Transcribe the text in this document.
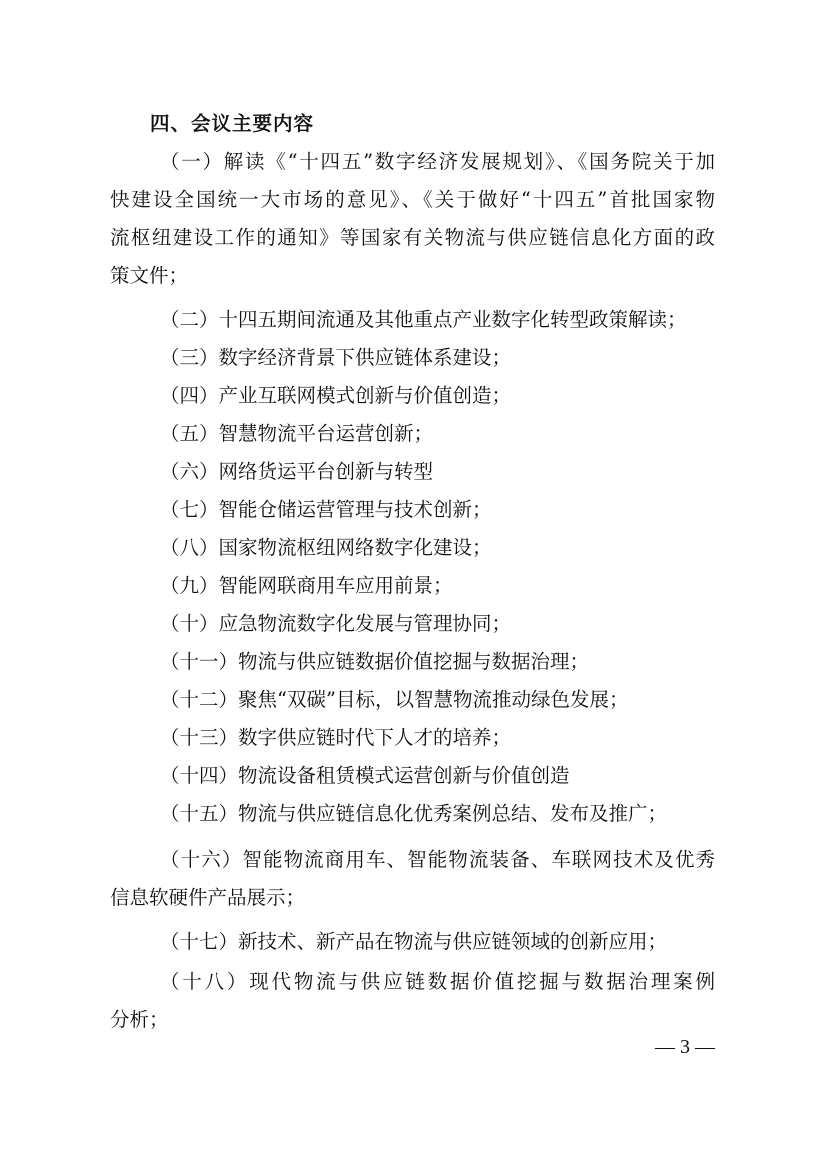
四、会议主要内容
（一）解读《“十四五”数字经济发展规划》、《国务院关于加
快建设全国统一大市场的意见》、《关于做好“十四五”首批国家物
流枢纽建设工作的通知》等国家有关物流与供应链信息化方面的政
策文件；
（二）十四五期间流通及其他重点产业数字化转型政策解读；
（三）数字经济背景下供应链体系建设；
（四）产业互联网模式创新与价值创造；
（五）智慧物流平台运营创新；
（六）网络货运平台创新与转型
（七）智能仓储运营管理与技术创新；
（八）国家物流枢纽网络数字化建设；
（九）智能网联商用车应用前景；
（十）应急物流数字化发展与管理协同；
（十一）物流与供应链数据价值挖掘与数据治理；
（十二）聚焦“双碳”目标，以智慧物流推动绿色发展；
（十三）数字供应链时代下人才的培养；
（十四）物流设备租赁模式运营创新与价值创造
（十五）物流与供应链信息化优秀案例总结、发布及推广；
（十六）智能物流商用车、智能物流装备、车联网技术及优秀
信息软硬件产品展示；
（十七）新技术、新产品在物流与供应链领域的创新应用；
（十八）现代物流与供应链数据价值挖掘与数据治理案例
分析；
— 3 —
